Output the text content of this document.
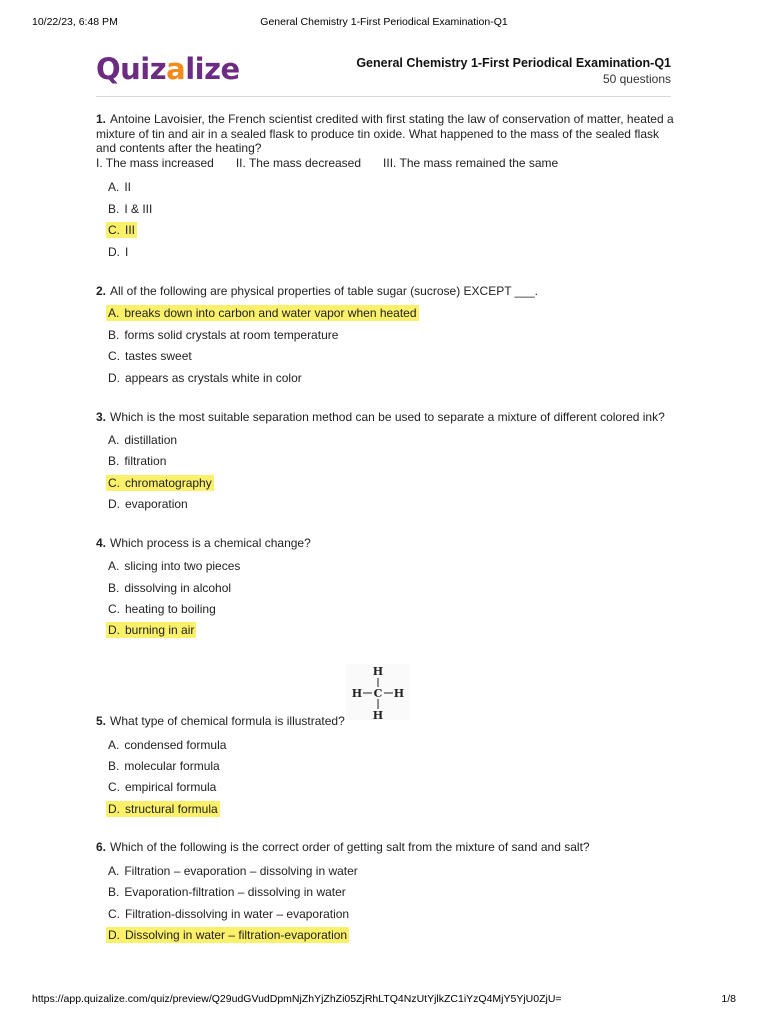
10/22/23, 6:48 PM	General Chemistry 1-First Periodical Examination-Q1
Quizalize	General Chemistry 1-First Periodical Examination-Q1
50 questions
1. Antoine Lavoisier, the French scientist credited with first stating the law of conservation of matter, heated a mixture of tin and air in a sealed flask to produce tin oxide. What happened to the mass of the sealed flask and contents after the heating?
I. The mass increased II. The mass decreased III. The mass remained the same
A. II
B. I & III
C. III
D. I
2. All of the following are physical properties of table sugar (sucrose) EXCEPT ___.
A. breaks down into carbon and water vapor when heated
B. forms solid crystals at room temperature
C. tastes sweet
D. appears as crystals white in color
3. Which is the most suitable separation method can be used to separate a mixture of different colored ink?
A. distillation
B. filtration
C. chromatography
D. evaporation
4. Which process is a chemical change?
A. slicing into two pieces
B. dissolving in alcohol
C. heating to boiling
D. burning in air
H
H C H
H
5. What type of chemical formula is illustrated?
A. condensed formula
B. molecular formula
C. empirical formula
D. structural formula
6. Which of the following is the correct order of getting salt from the mixture of sand and salt?
A. Filtration – evaporation – dissolving in water
B. Evaporation-filtration – dissolving in water
C. Filtration-dissolving in water – evaporation
D. Dissolving in water – filtration-evaporation
https://app.quizalize.com/quiz/preview/Q29udGVudDpmNjZhYjZhZi05ZjRhLTQ4NzUtYjlkZC1iYzQ4MjY5YjU0ZjU=	1/8
